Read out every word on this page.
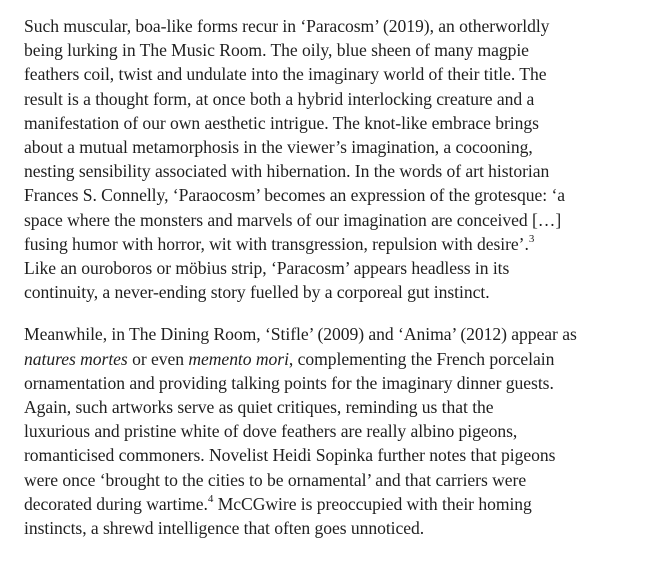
Such muscular, boa-like forms recur in ‘Paracosm’ (2019), an otherworldly
being lurking in The Music Room. The oily, blue sheen of many magpie
feathers coil, twist and undulate into the imaginary world of their title. The
result is a thought form, at once both a hybrid interlocking creature and a
manifestation of our own aesthetic intrigue. The knot-like embrace brings
about a mutual metamorphosis in the viewer’s imagination, a cocooning,
nesting sensibility associated with hibernation. In the words of art historian
Frances S. Connelly, ‘Paraocosm’ becomes an expression of the grotesque: ‘a
space where the monsters and marvels of our imagination are conceived […]
fusing humor with horror, wit with transgression, repulsion with desire’.$^3$
Like an ouroboros or möbius strip, ‘Paracosm’ appears headless in its
continuity, a never-ending story fuelled by a corporeal gut instinct.

Meanwhile, in The Dining Room, ‘Stifle’ (2009) and ‘Anima’ (2012) appear as
natures mortes or even memento mori, complementing the French porcelain
ornamentation and providing talking points for the imaginary dinner guests.
Again, such artworks serve as quiet critiques, reminding us that the
luxurious and pristine white of dove feathers are really albino pigeons,
romanticised commoners. Novelist Heidi Sopinka further notes that pigeons
were once ‘brought to the cities to be ornamental’ and that carriers were
decorated during wartime.$^4$ McCGwire is preoccupied with their homing
instincts, a shrewd intelligence that often goes unnoticed.
